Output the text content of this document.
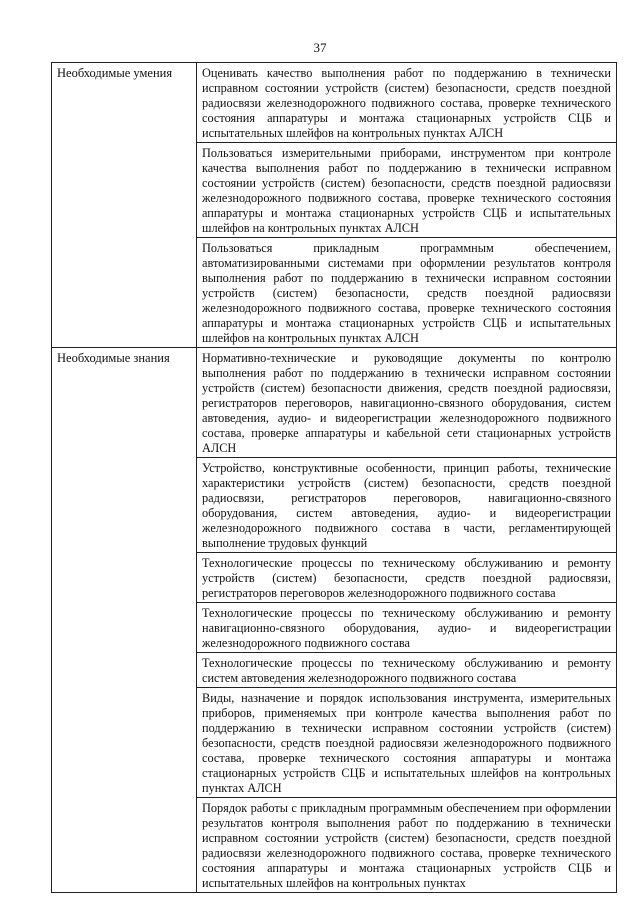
37
Необходимые умения	Оценивать качество выполнения работ по поддержанию в технически исправном состоянии устройств (систем) безопасности, средств поездной радиосвязи железнодорожного подвижного состава, проверке технического состояния аппаратуры и монтажа стационарных устройств СЦБ и испытательных шлейфов на контрольных пунктах АЛСН
	Пользоваться измерительными приборами, инструментом при контроле качества выполнения работ по поддержанию в технически исправном состоянии устройств (систем) безопасности, средств поездной радиосвязи железнодорожного подвижного состава, проверке технического состояния аппаратуры и монтажа стационарных устройств СЦБ и испытательных шлейфов на контрольных пунктах АЛСН
	Пользоваться прикладным программным обеспечением, автоматизированными системами при оформлении результатов контроля выполнения работ по поддержанию в технически исправном состоянии устройств (систем) безопасности, средств поездной радиосвязи железнодорожного подвижного состава, проверке технического состояния аппаратуры и монтажа стационарных устройств СЦБ и испытательных шлейфов на контрольных пунктах АЛСН
Необходимые знания	Нормативно-технические и руководящие документы по контролю выполнения работ по поддержанию в технически исправном состоянии устройств (систем) безопасности движения, средств поездной радиосвязи, регистраторов переговоров, навигационно-связного оборудования, систем автоведения, аудио- и видеорегистрации железнодорожного подвижного состава, проверке аппаратуры и кабельной сети стационарных устройств АЛСН
	Устройство, конструктивные особенности, принцип работы, технические характеристики устройств (систем) безопасности, средств поездной радиосвязи, регистраторов переговоров, навигационно-связного оборудования, систем автоведения, аудио- и видеорегистрации железнодорожного подвижного состава в части, регламентирующей выполнение трудовых функций
	Технологические процессы по техническому обслуживанию и ремонту устройств (систем) безопасности, средств поездной радиосвязи, регистраторов переговоров железнодорожного подвижного состава
	Технологические процессы по техническому обслуживанию и ремонту навигационно-связного оборудования, аудио- и видеорегистрации железнодорожного подвижного состава
	Технологические процессы по техническому обслуживанию и ремонту систем автоведения железнодорожного подвижного состава
	Виды, назначение и порядок использования инструмента, измерительных приборов, применяемых при контроле качества выполнения работ по поддержанию в технически исправном состоянии устройств (систем) безопасности, средств поездной радиосвязи железнодорожного подвижного состава, проверке технического состояния аппаратуры и монтажа стационарных устройств СЦБ и испытательных шлейфов на контрольных пунктах АЛСН
	Порядок работы с прикладным программным обеспечением при оформлении результатов контроля выполнения работ по поддержанию в технически исправном состоянии устройств (систем) безопасности, средств поездной радиосвязи железнодорожного подвижного состава, проверке технического состояния аппаратуры и монтажа стационарных устройств СЦБ и испытательных шлейфов на контрольных пунктах
